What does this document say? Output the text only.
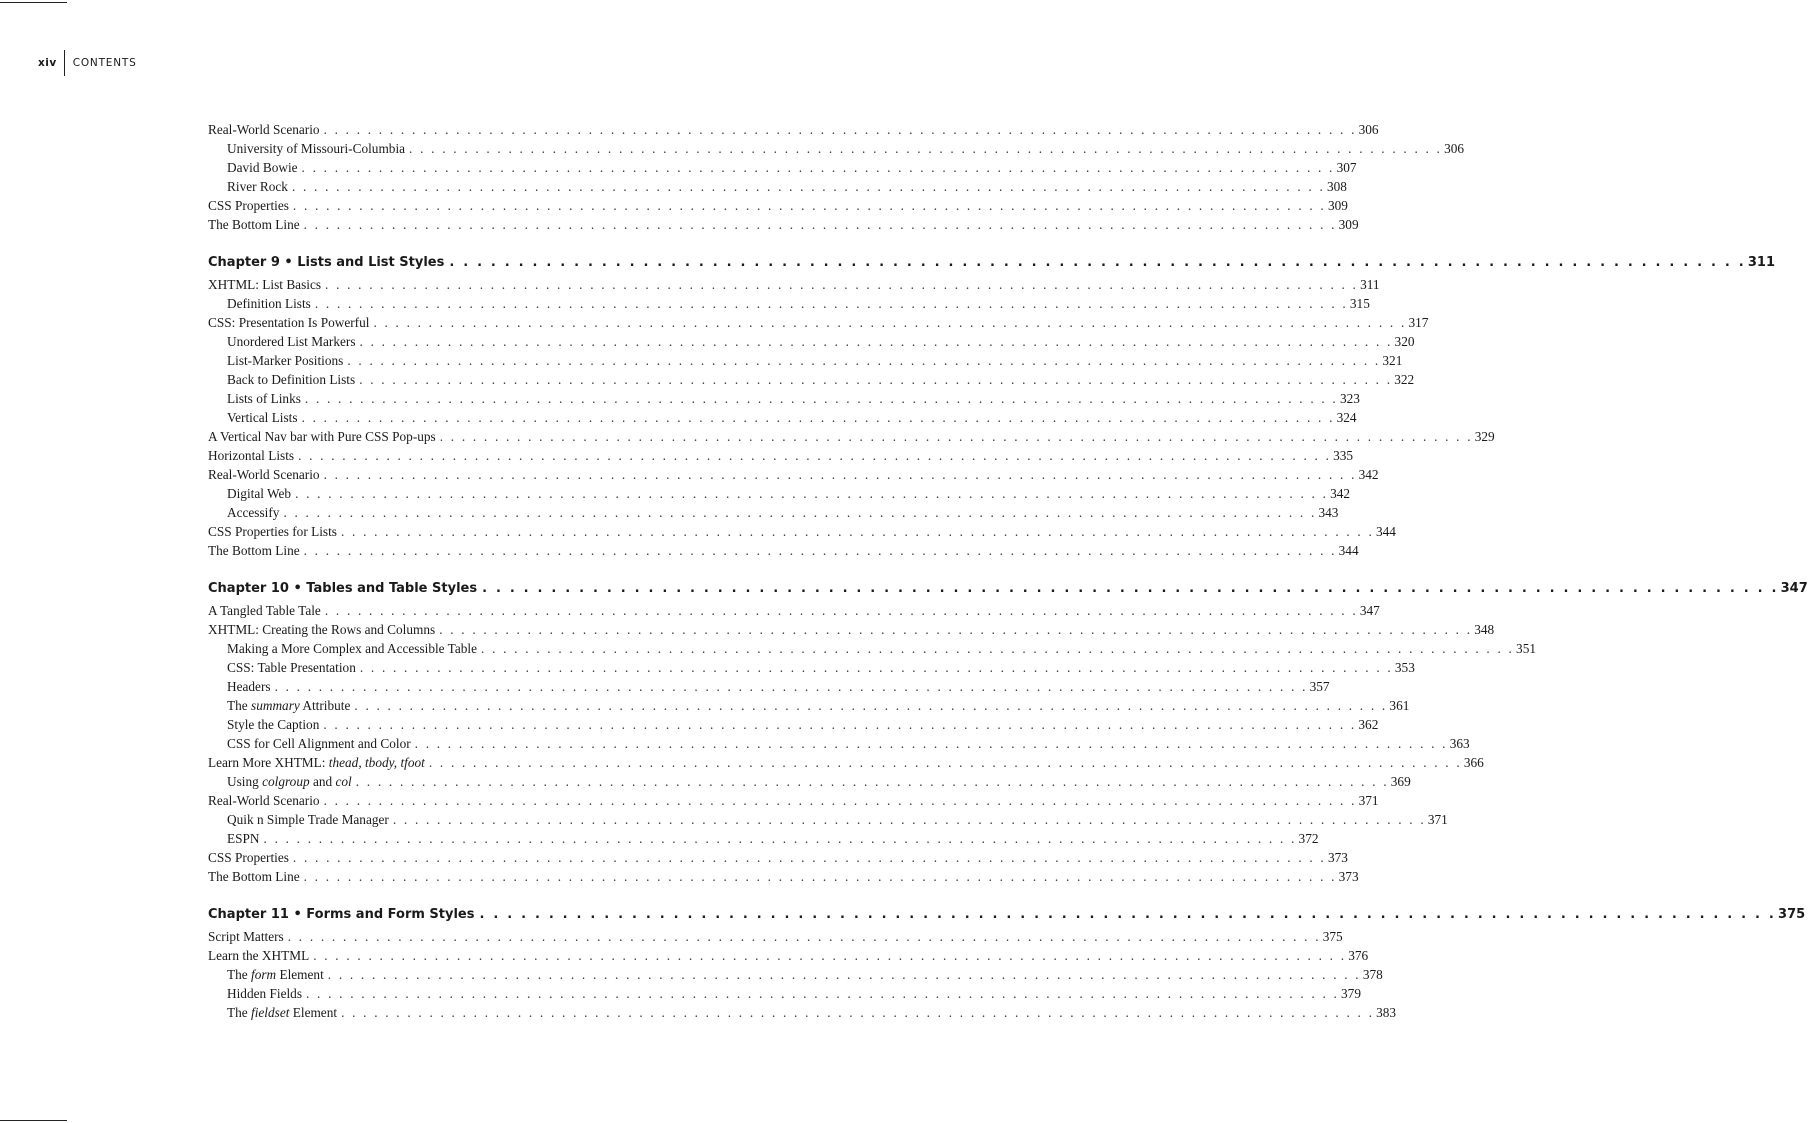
xiv CONTENTS
Real-World Scenario . . . . . . . . . . . . . . . . . . . . . . . . . . . . . . . . . . . . . . . . . . . . . . . . . . . . . . . . . . . . . . . . . . . . . . . . . . . . . . . . . . . . . . . . . . . . . . 306
University of Missouri-Columbia . . . . . . . . . . . . . . . . . . . . . . . . . . . . . . . . . . . . . . . . . . . . . . . . . . . . . . . . . . . . . . . . . . . . . . . . . . . . . . . . . . . . . . . . . . . . . . 306
David Bowie . . . . . . . . . . . . . . . . . . . . . . . . . . . . . . . . . . . . . . . . . . . . . . . . . . . . . . . . . . . . . . . . . . . . . . . . . . . . . . . . . . . . . . . . . . . . . . 307
River Rock . . . . . . . . . . . . . . . . . . . . . . . . . . . . . . . . . . . . . . . . . . . . . . . . . . . . . . . . . . . . . . . . . . . . . . . . . . . . . . . . . . . . . . . . . . . . . . 308
CSS Properties . . . . . . . . . . . . . . . . . . . . . . . . . . . . . . . . . . . . . . . . . . . . . . . . . . . . . . . . . . . . . . . . . . . . . . . . . . . . . . . . . . . . . . . . . . . . . . 309
The Bottom Line . . . . . . . . . . . . . . . . . . . . . . . . . . . . . . . . . . . . . . . . . . . . . . . . . . . . . . . . . . . . . . . . . . . . . . . . . . . . . . . . . . . . . . . . . . . . . . 309
Chapter 9 • Lists and List Styles . . . . . . . . . . . . . . . . . . . . . . . . . . . . . . . . . . . . . . . . . . . . . . . . . . . . . . . . . . . . . . . . . . . . . . . . . . . . . . . . . . . . . . . . . . . . . . 311
XHTML: List Basics . . . . . . . . . . . . . . . . . . . . . . . . . . . . . . . . . . . . . . . . . . . . . . . . . . . . . . . . . . . . . . . . . . . . . . . . . . . . . . . . . . . . . . . . . . . . . . 311
Definition Lists . . . . . . . . . . . . . . . . . . . . . . . . . . . . . . . . . . . . . . . . . . . . . . . . . . . . . . . . . . . . . . . . . . . . . . . . . . . . . . . . . . . . . . . . . . . . . . 315
CSS: Presentation Is Powerful . . . . . . . . . . . . . . . . . . . . . . . . . . . . . . . . . . . . . . . . . . . . . . . . . . . . . . . . . . . . . . . . . . . . . . . . . . . . . . . . . . . . . . . . . . . . . . 317
Unordered List Markers . . . . . . . . . . . . . . . . . . . . . . . . . . . . . . . . . . . . . . . . . . . . . . . . . . . . . . . . . . . . . . . . . . . . . . . . . . . . . . . . . . . . . . . . . . . . . . 320
List-Marker Positions . . . . . . . . . . . . . . . . . . . . . . . . . . . . . . . . . . . . . . . . . . . . . . . . . . . . . . . . . . . . . . . . . . . . . . . . . . . . . . . . . . . . . . . . . . . . . . 321
Back to Definition Lists . . . . . . . . . . . . . . . . . . . . . . . . . . . . . . . . . . . . . . . . . . . . . . . . . . . . . . . . . . . . . . . . . . . . . . . . . . . . . . . . . . . . . . . . . . . . . . 322
Lists of Links . . . . . . . . . . . . . . . . . . . . . . . . . . . . . . . . . . . . . . . . . . . . . . . . . . . . . . . . . . . . . . . . . . . . . . . . . . . . . . . . . . . . . . . . . . . . . . 323
Vertical Lists . . . . . . . . . . . . . . . . . . . . . . . . . . . . . . . . . . . . . . . . . . . . . . . . . . . . . . . . . . . . . . . . . . . . . . . . . . . . . . . . . . . . . . . . . . . . . . 324
A Vertical Nav bar with Pure CSS Pop-ups . . . . . . . . . . . . . . . . . . . . . . . . . . . . . . . . . . . . . . . . . . . . . . . . . . . . . . . . . . . . . . . . . . . . . . . . . . . . . . . . . . . . . . . . . . . . . . 329
Horizontal Lists . . . . . . . . . . . . . . . . . . . . . . . . . . . . . . . . . . . . . . . . . . . . . . . . . . . . . . . . . . . . . . . . . . . . . . . . . . . . . . . . . . . . . . . . . . . . . . 335
Real-World Scenario . . . . . . . . . . . . . . . . . . . . . . . . . . . . . . . . . . . . . . . . . . . . . . . . . . . . . . . . . . . . . . . . . . . . . . . . . . . . . . . . . . . . . . . . . . . . . . 342
Digital Web . . . . . . . . . . . . . . . . . . . . . . . . . . . . . . . . . . . . . . . . . . . . . . . . . . . . . . . . . . . . . . . . . . . . . . . . . . . . . . . . . . . . . . . . . . . . . . 342
Accessify . . . . . . . . . . . . . . . . . . . . . . . . . . . . . . . . . . . . . . . . . . . . . . . . . . . . . . . . . . . . . . . . . . . . . . . . . . . . . . . . . . . . . . . . . . . . . . 343
CSS Properties for Lists . . . . . . . . . . . . . . . . . . . . . . . . . . . . . . . . . . . . . . . . . . . . . . . . . . . . . . . . . . . . . . . . . . . . . . . . . . . . . . . . . . . . . . . . . . . . . . 344
The Bottom Line . . . . . . . . . . . . . . . . . . . . . . . . . . . . . . . . . . . . . . . . . . . . . . . . . . . . . . . . . . . . . . . . . . . . . . . . . . . . . . . . . . . . . . . . . . . . . . 344
Chapter 10 • Tables and Table Styles . . . . . . . . . . . . . . . . . . . . . . . . . . . . . . . . . . . . . . . . . . . . . . . . . . . . . . . . . . . . . . . . . . . . . . . . . . . . . . . . . . . . . . . . . . . . . . 347
A Tangled Table Tale . . . . . . . . . . . . . . . . . . . . . . . . . . . . . . . . . . . . . . . . . . . . . . . . . . . . . . . . . . . . . . . . . . . . . . . . . . . . . . . . . . . . . . . . . . . . . . 347
XHTML: Creating the Rows and Columns . . . . . . . . . . . . . . . . . . . . . . . . . . . . . . . . . . . . . . . . . . . . . . . . . . . . . . . . . . . . . . . . . . . . . . . . . . . . . . . . . . . . . . . . . . . . . . 348
Making a More Complex and Accessible Table . . . . . . . . . . . . . . . . . . . . . . . . . . . . . . . . . . . . . . . . . . . . . . . . . . . . . . . . . . . . . . . . . . . . . . . . . . . . . . . . . . . . . . . . . . . . . . 351
CSS: Table Presentation . . . . . . . . . . . . . . . . . . . . . . . . . . . . . . . . . . . . . . . . . . . . . . . . . . . . . . . . . . . . . . . . . . . . . . . . . . . . . . . . . . . . . . . . . . . . . . 353
Headers . . . . . . . . . . . . . . . . . . . . . . . . . . . . . . . . . . . . . . . . . . . . . . . . . . . . . . . . . . . . . . . . . . . . . . . . . . . . . . . . . . . . . . . . . . . . . . 357
The summary Attribute . . . . . . . . . . . . . . . . . . . . . . . . . . . . . . . . . . . . . . . . . . . . . . . . . . . . . . . . . . . . . . . . . . . . . . . . . . . . . . . . . . . . . . . . . . . . . . 361
Style the Caption . . . . . . . . . . . . . . . . . . . . . . . . . . . . . . . . . . . . . . . . . . . . . . . . . . . . . . . . . . . . . . . . . . . . . . . . . . . . . . . . . . . . . . . . . . . . . . 362
CSS for Cell Alignment and Color . . . . . . . . . . . . . . . . . . . . . . . . . . . . . . . . . . . . . . . . . . . . . . . . . . . . . . . . . . . . . . . . . . . . . . . . . . . . . . . . . . . . . . . . . . . . . . 363
Learn More XHTML: thead, tbody, tfoot . . . . . . . . . . . . . . . . . . . . . . . . . . . . . . . . . . . . . . . . . . . . . . . . . . . . . . . . . . . . . . . . . . . . . . . . . . . . . . . . . . . . . . . . . . . . . . 366
Using colgroup and col . . . . . . . . . . . . . . . . . . . . . . . . . . . . . . . . . . . . . . . . . . . . . . . . . . . . . . . . . . . . . . . . . . . . . . . . . . . . . . . . . . . . . . . . . . . . . . 369
Real-World Scenario . . . . . . . . . . . . . . . . . . . . . . . . . . . . . . . . . . . . . . . . . . . . . . . . . . . . . . . . . . . . . . . . . . . . . . . . . . . . . . . . . . . . . . . . . . . . . . 371
Quik n Simple Trade Manager . . . . . . . . . . . . . . . . . . . . . . . . . . . . . . . . . . . . . . . . . . . . . . . . . . . . . . . . . . . . . . . . . . . . . . . . . . . . . . . . . . . . . . . . . . . . . . 371
ESPN . . . . . . . . . . . . . . . . . . . . . . . . . . . . . . . . . . . . . . . . . . . . . . . . . . . . . . . . . . . . . . . . . . . . . . . . . . . . . . . . . . . . . . . . . . . . . . 372
CSS Properties . . . . . . . . . . . . . . . . . . . . . . . . . . . . . . . . . . . . . . . . . . . . . . . . . . . . . . . . . . . . . . . . . . . . . . . . . . . . . . . . . . . . . . . . . . . . . . 373
The Bottom Line . . . . . . . . . . . . . . . . . . . . . . . . . . . . . . . . . . . . . . . . . . . . . . . . . . . . . . . . . . . . . . . . . . . . . . . . . . . . . . . . . . . . . . . . . . . . . . 373
Chapter 11 • Forms and Form Styles . . . . . . . . . . . . . . . . . . . . . . . . . . . . . . . . . . . . . . . . . . . . . . . . . . . . . . . . . . . . . . . . . . . . . . . . . . . . . . . . . . . . . . . . . . . . . . 375
Script Matters . . . . . . . . . . . . . . . . . . . . . . . . . . . . . . . . . . . . . . . . . . . . . . . . . . . . . . . . . . . . . . . . . . . . . . . . . . . . . . . . . . . . . . . . . . . . . . 375
Learn the XHTML . . . . . . . . . . . . . . . . . . . . . . . . . . . . . . . . . . . . . . . . . . . . . . . . . . . . . . . . . . . . . . . . . . . . . . . . . . . . . . . . . . . . . . . . . . . . . . 376
The form Element . . . . . . . . . . . . . . . . . . . . . . . . . . . . . . . . . . . . . . . . . . . . . . . . . . . . . . . . . . . . . . . . . . . . . . . . . . . . . . . . . . . . . . . . . . . . . . 378
Hidden Fields . . . . . . . . . . . . . . . . . . . . . . . . . . . . . . . . . . . . . . . . . . . . . . . . . . . . . . . . . . . . . . . . . . . . . . . . . . . . . . . . . . . . . . . . . . . . . . 379
The fieldset Element . . . . . . . . . . . . . . . . . . . . . . . . . . . . . . . . . . . . . . . . . . . . . . . . . . . . . . . . . . . . . . . . . . . . . . . . . . . . . . . . . . . . . . . . . . . . . . 383
